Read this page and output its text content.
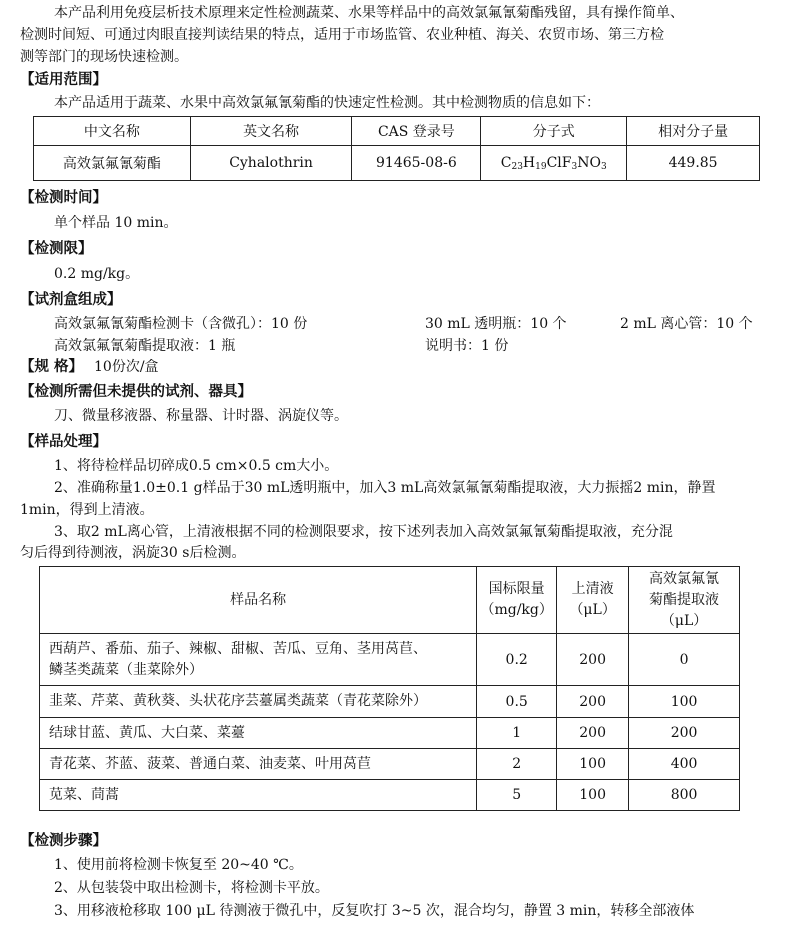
本产品利用免疫层析技术原理来定性检测蔬菜、水果等样品中的高效氯氟氰菊酯残留，具有操作简单、
检测时间短、可通过肉眼直接判读结果的特点，适用于市场监管、农业种植、海关、农贸市场、第三方检
测等部门的现场快速检测。
【适用范围】
本产品适用于蔬菜、水果中高效氯氟氰菊酯的快速定性检测。其中检测物质的信息如下：
中文名称	英文名称	CAS 登录号	分子式	相对分子量
高效氯氟氰菊酯	Cyhalothrin	91465-08-6	$C_{23}H_{19}ClF_3NO_3$	449.85
【检测时间】
单个样品 10 min。
【检测限】
0.2 mg/kg。
【试剂盒组成】
高效氯氟氰菊酯检测卡（含微孔）：10 份	30 mL 透明瓶：10 个	2 mL 离心管：10 个
高效氯氟氰菊酯提取液：1 瓶	说明书：1 份
【规 格】 10份次/盒
【检测所需但未提供的试剂、器具】
刀、微量移液器、称量器、计时器、涡旋仪等。
【样品处理】
1、将待检样品切碎成0.5 cm×0.5 cm大小。
2、准确称量1.0±0.1 g样品于30 mL透明瓶中，加入3 mL高效氯氟氰菊酯提取液，大力振摇2 min，静置
1min，得到上清液。
3、取2 mL离心管，上清液根据不同的检测限要求，按下述列表加入高效氯氟氰菊酯提取液，充分混
匀后得到待测液，涡旋30 s后检测。
样品名称	国标限量
（mg/kg）	上清液
（μL）	高效氯氟氰
菊酯提取液
（μL）
西葫芦、番茄、茄子、辣椒、甜椒、苦瓜、豆角、茎用莴苣、
鳞茎类蔬菜（韭菜除外）	0.2	200	0
韭菜、芹菜、黄秋葵、头状花序芸薹属类蔬菜（青花菜除外）	0.5	200	100
结球甘蓝、黄瓜、大白菜、菜薹	1	200	200
青花菜、芥蓝、菠菜、普通白菜、油麦菜、叶用莴苣	2	100	400
苋菜、茼蒿	5	100	800
【检测步骤】
1、使用前将检测卡恢复至 20~40 ℃。
2、从包装袋中取出检测卡，将检测卡平放。
3、用移液枪移取 100 μL 待测液于微孔中，反复吹打 3~5 次，混合均匀，静置 3 min，转移全部液体
